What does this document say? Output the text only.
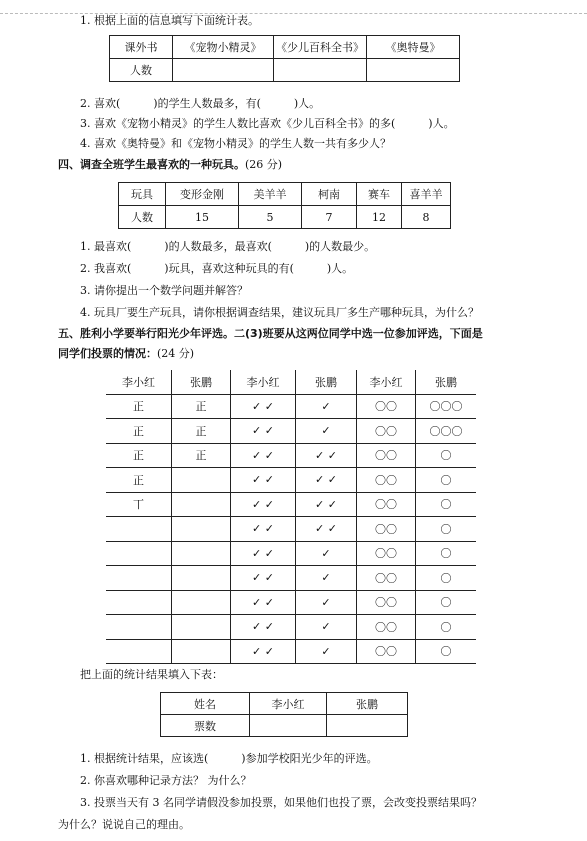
1. 根据上面的信息填写下面统计表。
课外书	《宠物小精灵》	《少儿百科全书》	《奥特曼》
人数			
2. 喜欢(　　　)的学生人数最多，有(　　　)人。
3. 喜欢《宠物小精灵》的学生人数比喜欢《少儿百科全书》的多(　　　)人。
4. 喜欢《奥特曼》和《宠物小精灵》的学生人数一共有多少人？
四、调查全班学生最喜欢的一种玩具。(26 分)
玩具	变形金刚	美羊羊	柯南	赛车	喜羊羊
人数	15	5	7	12	8
1. 最喜欢(　　　)的人数最多，最喜欢(　　　)的人数最少。
2. 我喜欢(　　　)玩具，喜欢这种玩具的有(　　　)人。
3. 请你提出一个数学问题并解答？
4. 玩具厂要生产玩具，请你根据调查结果，建议玩具厂多生产哪种玩具，为什么？
五、胜利小学要举行阳光少年评选。二(3)班要从这两位同学中选一位参加评选，下面是
同学们投票的情况：(24 分)
李小红	张鹏	李小红	张鹏	李小红	张鹏
正	正	✓ ✓	✓	〇〇	〇〇〇
正	正	✓ ✓	✓	〇〇	〇〇〇
正	正	✓ ✓	✓ ✓	〇〇	〇
正		✓ ✓	✓ ✓	〇〇	〇
丅		✓ ✓	✓ ✓	〇〇	〇
		✓ ✓	✓ ✓	〇〇	〇
		✓ ✓	✓	〇〇	〇
		✓ ✓	✓	〇〇	〇
		✓ ✓	✓	〇〇	〇
		✓ ✓	✓	〇〇	〇
		✓ ✓	✓	〇〇	〇
把上面的统计结果填入下表：
姓名	李小红	张鹏
票数		
1. 根据统计结果，应该选(　　　)参加学校阳光少年的评选。
2. 你喜欢哪种记录方法？ 为什么？
3. 投票当天有 3 名同学请假没参加投票，如果他们也投了票，会改变投票结果吗？
为什么？说说自己的理由。
